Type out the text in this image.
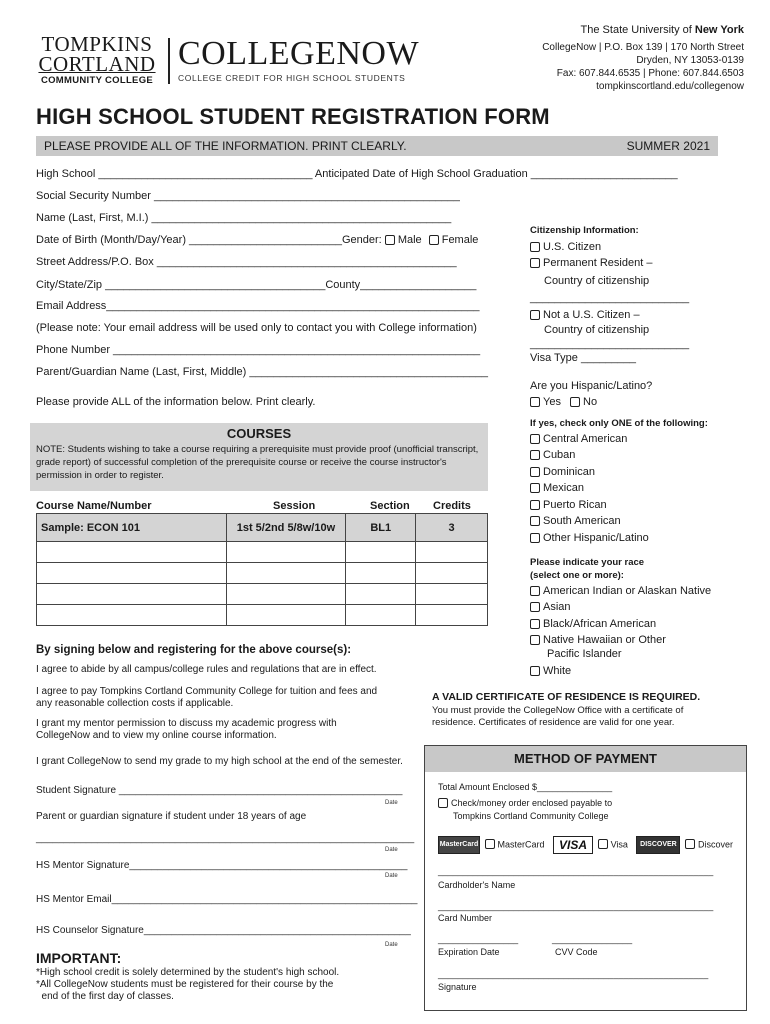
TOMPKINS
CORTLAND
COMMUNITY COLLEGE
COLLEGENOW
COLLEGE CREDIT FOR HIGH SCHOOL STUDENTS
The State University of New York
CollegeNow | P.O. Box 139 | 170 North Street
Dryden, NY 13053-0139
Fax: 607.844.6535 | Phone: 607.844.6503
tompkinscortland.edu/collegenow
HIGH SCHOOL STUDENT REGISTRATION FORM
PLEASE PROVIDE ALL OF THE INFORMATION. PRINT CLEARLY.	SUMMER 2021
High School ___________________________________ Anticipated Date of High School Graduation ________________________
Social Security Number __________________________________________________
Name (Last, First, M.I.) _________________________________________________
Date of Birth (Month/Day/Year) _________________________Gender: Male Female
Street Address/P.O. Box _________________________________________________
City/State/Zip ____________________________________County___________________
Email Address_____________________________________________________________
(Please note: Your email address will be used only to contact you with College information)
Phone Number ____________________________________________________________
Parent/Guardian Name (Last, First, Middle) _______________________________________
Please provide ALL of the information below. Print clearly.
Citizenship Information:
U.S. Citizen
Permanent Resident –
Country of citizenship
__________________________
Not a U.S. Citizen –
Country of citizenship
__________________________
Visa Type _________
Are you Hispanic/Latino?
Yes No
If yes, check only ONE of the following:
Central American
Cuban
Dominican
Mexican
Puerto Rican
South American
Other Hispanic/Latino
Please indicate your race
(select one or more):
American Indian or Alaskan Native
Asian
Black/African American
Native Hawaiian or Other
Pacific Islander
White
COURSES
NOTE: Students wishing to take a course requiring a prerequisite must provide proof (unofficial transcript, grade report) of successful completion of the prerequisite course or receive the course instructor's permission in order to register.
Course Name/Number	Session	Section Credits
Sample: ECON 101	1st 5/2nd 5/8w/10w	BL1	3

By signing below and registering for the above course(s):
I agree to abide by all campus/college rules and regulations that are in effect.
I agree to pay Tompkins Cortland Community College for tuition and fees and
any reasonable collection costs if applicable.
I grant my mentor permission to discuss my academic progress with
CollegeNow and to view my online course information.
I grant CollegeNow to send my grade to my high school at the end of the semester.
Student Signature ___________________________________________________
Date
Parent or guardian signature if student under 18 years of age
____________________________________________________________________
Date
HS Mentor Signature__________________________________________________
Date
HS Mentor Email_______________________________________________________
HS Counselor Signature________________________________________________
Date
IMPORTANT:
*High school credit is solely determined by the student's high school.
*All CollegeNow students must be registered for their course by the
end of the first day of classes.
A VALID CERTIFICATE OF RESIDENCE IS REQUIRED.
You must provide the CollegeNow Office with a certificate of
residence. Certificates of residence are valid for one year.
METHOD OF PAYMENT
Total Amount Enclosed $_______________
Check/money order enclosed payable to
Tompkins Cortland Community College
MasterCard MasterCard VISA	Visa DISCOVER Discover
_______________________________________________________
Cardholder's Name
_______________________________________________________
Card Number
________________	________________
Expiration Date	CVV Code
______________________________________________________
Signature
